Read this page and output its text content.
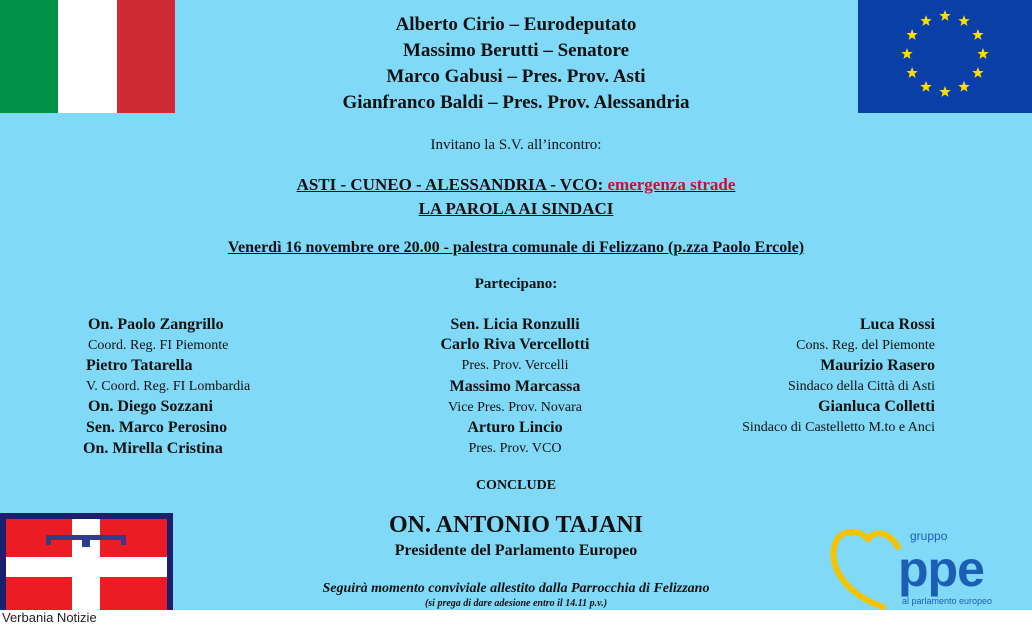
Alberto Cirio – Eurodeputato
Massimo Berutti – Senatore
Marco Gabusi – Pres. Prov. Asti
Gianfranco Baldi – Pres. Prov. Alessandria
Invitano la S.V. all’incontro:
ASTI - CUNEO - ALESSANDRIA - VCO: emergenza strade
LA PAROLA AI SINDACI
Venerdì 16 novembre ore 20.00 - palestra comunale di Felizzano (p.zza Paolo Ercole)
Partecipano:
On. Paolo Zangrillo
Coord. Reg. FI Piemonte
Pietro Tatarella
V. Coord. Reg. FI Lombardia
On. Diego Sozzani
Sen. Marco Perosino
On. Mirella Cristina
Sen. Licia Ronzulli
Carlo Riva Vercellotti
Pres. Prov. Vercelli
Massimo Marcassa
Vice Pres. Prov. Novara
Arturo Lincio
Pres. Prov. VCO
Luca Rossi
Cons. Reg. del Piemonte
Maurizio Rasero
Sindaco della Città di Asti
Gianluca Colletti
Sindaco di Castelletto M.to e Anci
CONCLUDE
ON. ANTONIO TAJANI
Presidente del Parlamento Europeo
Seguirà momento conviviale allestito dalla Parrocchia di Felizzano
(si prega di dare adesione entro il 14.11 p.v.)
gruppo
ppe
al parlamento europeo
Verbania Notizie
